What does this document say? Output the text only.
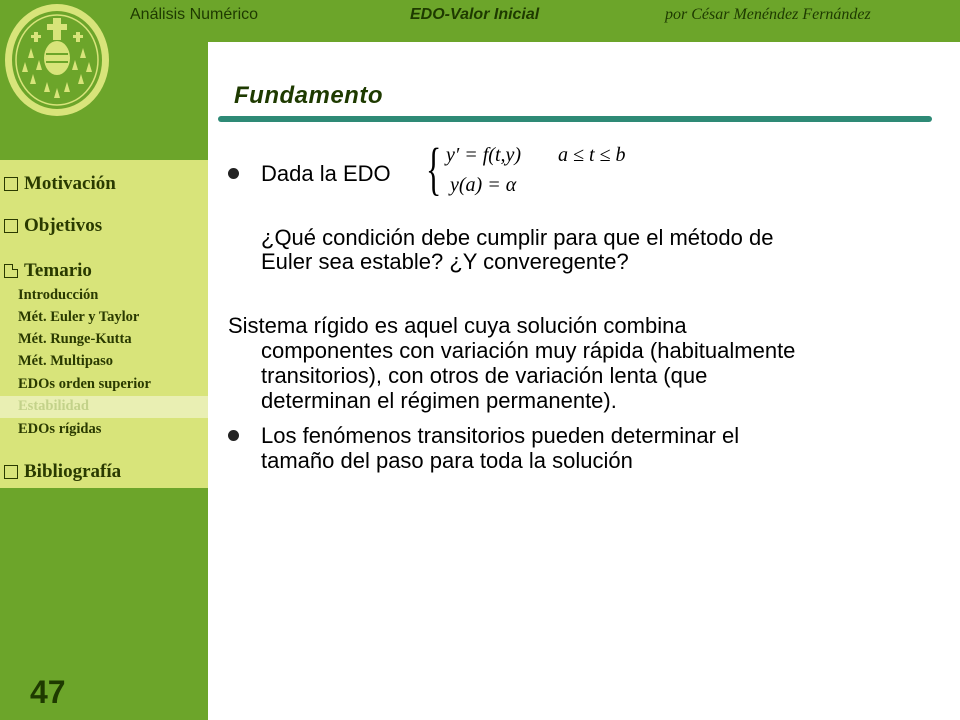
Análisis Numérico	EDO-Valor Inicial	por César Menéndez Fernández
Motivación
Objetivos
Temario
Introducción
Mét. Euler y Taylor
Mét. Runge-Kutta
Mét. Multipaso
EDOs orden superior
Estabilidad
EDOs rígidas
Bibliografía
47
Fundamento
Dada la EDO { y′ = f(t,y) a ≤ t ≤ b
y(a) = α
¿Qué condición debe cumplir para que el método de
Euler sea estable? ¿Y converegente?
Sistema rígido es aquel cuya solución combina
componentes con variación muy rápida (habitualmente
transitorios), con otros de variación lenta (que
determinan el régimen permanente).
Los fenómenos transitorios pueden determinar el
tamaño del paso para toda la solución
